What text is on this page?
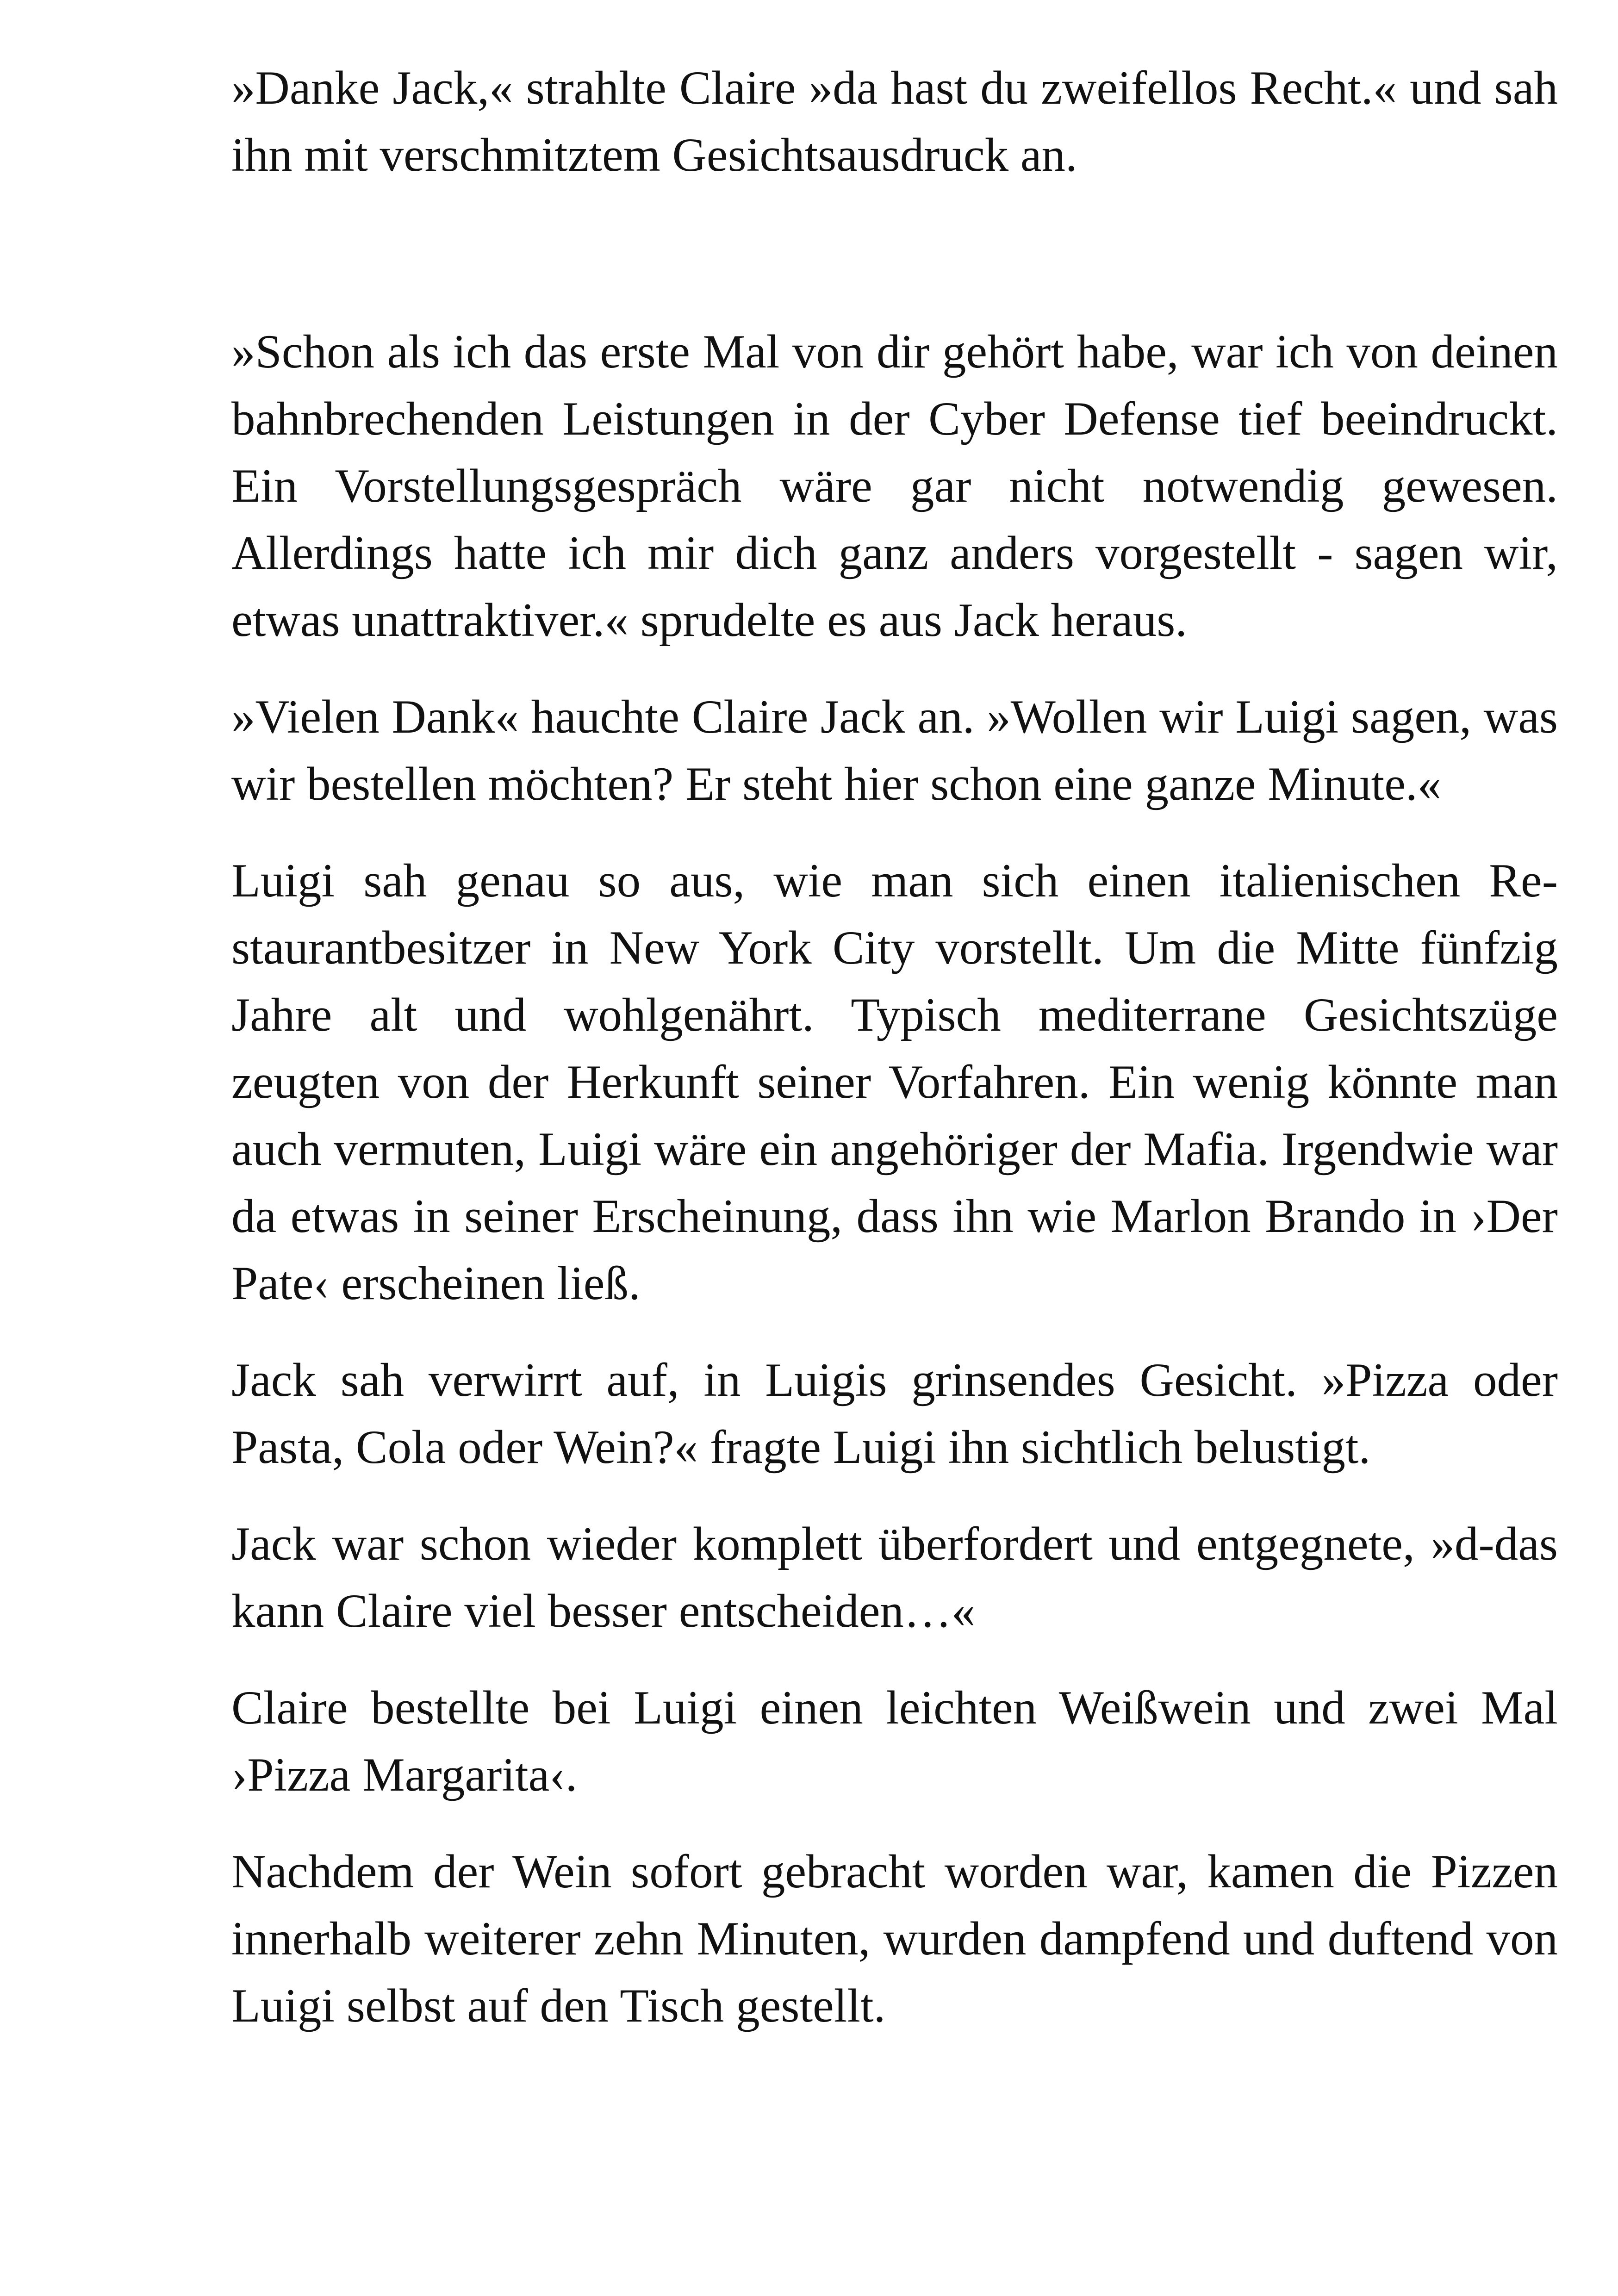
»Danke Jack,« strahlte Claire »da hast du zweifellos Recht.« und sah ihn mit verschmitztem Gesichtsausdruck an.

»Schon als ich das erste Mal von dir gehört habe, war ich von deinen bahnbrechenden Leistungen in der Cyber Defense tief beeindruckt. Ein Vorstellungsgespräch wäre gar nicht notwendig gewesen. Allerdings hatte ich mir dich ganz anders vorgestellt - sagen wir, etwas unattraktiver.« sprudelte es aus Jack heraus.

»Vielen Dank« hauchte Claire Jack an. »Wollen wir Luigi sagen, was wir bestellen möchten? Er steht hier schon eine ganze Minute.«

Luigi sah genau so aus, wie man sich einen italienischen Restaurantbesitzer in New York City vorstellt. Um die Mitte fünfzig Jahre alt und wohlgenährt. Typisch mediterrane Gesichtszüge zeugten von der Herkunft seiner Vorfahren. Ein wenig könnte man auch vermuten, Luigi wäre ein angehöriger der Mafia. Irgendwie war da etwas in seiner Erscheinung, dass ihn wie Marlon Brando in ›Der Pate‹ erscheinen ließ.

Jack sah verwirrt auf, in Luigis grinsendes Gesicht. »Pizza oder Pasta, Cola oder Wein?« fragte Luigi ihn sichtlich belustigt.

Jack war schon wieder komplett überfordert und entgegnete, »d-das kann Claire viel besser entscheiden…«

Claire bestellte bei Luigi einen leichten Weißwein und zwei Mal ›Pizza Margarita‹.

Nachdem der Wein sofort gebracht worden war, kamen die Pizzen innerhalb weiterer zehn Minuten, wurden dampfend und duftend von Luigi selbst auf den Tisch gestellt.
